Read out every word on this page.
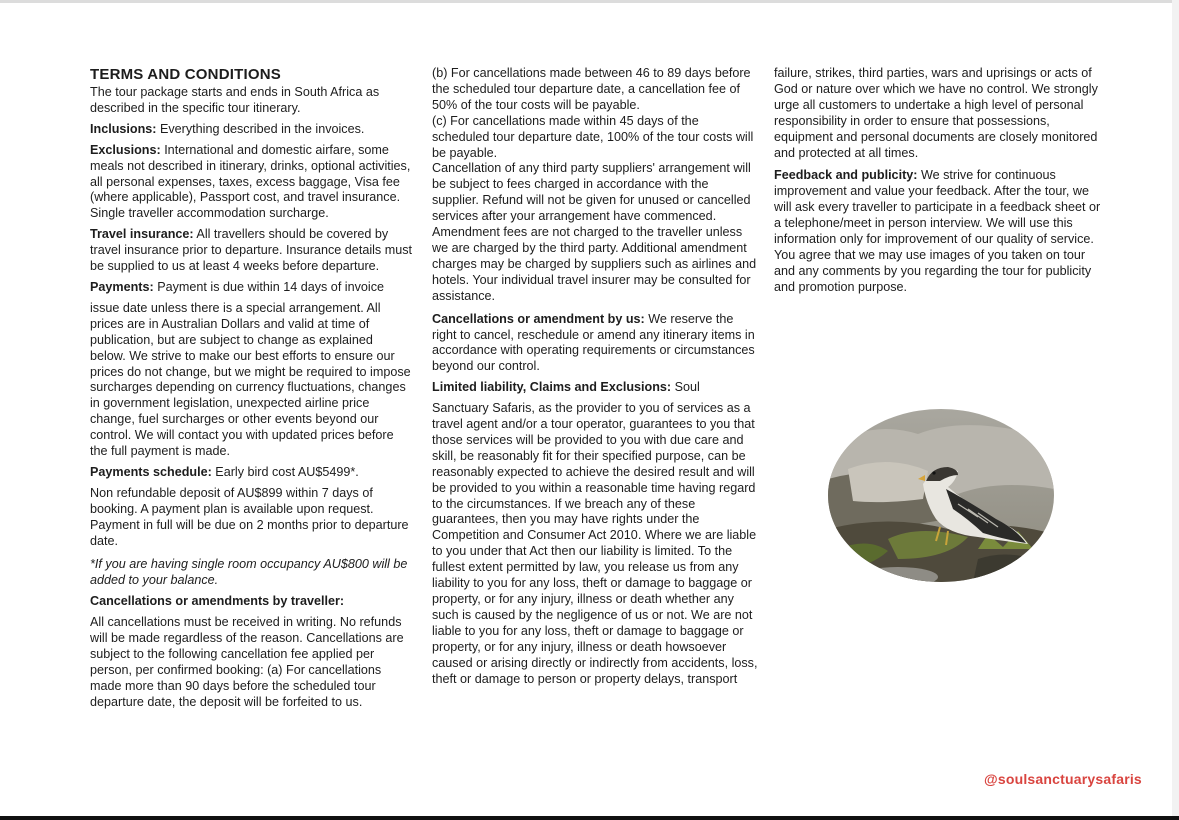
TERMS AND CONDITIONS

The tour package starts and ends in South Africa as described in the specific tour itinerary.

Inclusions: Everything described in the invoices.

Exclusions: International and domestic airfare, some meals not described in itinerary, drinks, optional activities, all personal expenses, taxes, excess baggage, Visa fee (where applicable), Passport cost, and travel insurance. Single traveller accommodation surcharge.

Travel insurance: All travellers should be covered by travel insurance prior to departure. Insurance details must be supplied to us at least 4 weeks before departure.

Payments: Payment is due within 14 days of invoice

issue date unless there is a special arrangement. All prices are in Australian Dollars and valid at time of publication, but are subject to change as explained below. We strive to make our best efforts to ensure our prices do not change, but we might be required to impose surcharges depending on currency fluctuations, changes in government legislation, unexpected airline price change, fuel surcharges or other events beyond our control. We will contact you with updated prices before the full payment is made.

Payments schedule: Early bird cost AU$5499*.

Non refundable deposit of AU$899 within 7 days of booking. A payment plan is available upon request. Payment in full will be due on 2 months prior to departure date.

*If you are having single room occupancy AU$800 will be added to your balance.

Cancellations or amendments by traveller:

All cancellations must be received in writing. No refunds will be made regardless of the reason. Cancellations are subject to the following cancellation fee applied per person, per confirmed booking: (a) For cancellations made more than 90 days before the scheduled tour departure date, the deposit will be forfeited to us.

(b) For cancellations made between 46 to 89 days before the scheduled tour departure date, a cancellation fee of 50% of the tour costs will be payable.

(c) For cancellations made within 45 days of the scheduled tour departure date, 100% of the tour costs will be payable.

Cancellation of any third party suppliers' arrangement will be subject to fees charged in accordance with the supplier. Refund will not be given for unused or cancelled services after your arrangement have commenced. Amendment fees are not charged to the traveller unless we are charged by the third party. Additional amendment charges may be charged by suppliers such as airlines and hotels. Your individual travel insurer may be consulted for assistance.

Cancellations or amendment by us: We reserve the right to cancel, reschedule or amend any itinerary items in accordance with operating requirements or circumstances beyond our control.

Limited liability, Claims and Exclusions: Soul

Sanctuary Safaris, as the provider to you of services as a travel agent and/or a tour operator, guarantees to you that those services will be provided to you with due care and skill, be reasonably fit for their specified purpose, can be reasonably expected to achieve the desired result and will be provided to you within a reasonable time having regard to the circumstances. If we breach any of these guarantees, then you may have rights under the Competition and Consumer Act 2010. Where we are liable to you under that Act then our liability is limited. To the fullest extent permitted by law, you release us from any liability to you for any loss, theft or damage to baggage or property, or for any injury, illness or death whether any such is caused by the negligence of us or not. We are not liable to you for any loss, theft or damage to baggage or property, or for any injury, illness or death howsoever caused or arising directly or indirectly from accidents, loss, theft or damage to person or property delays, transport

failure, strikes, third parties, wars and uprisings or acts of God or nature over which we have no control. We strongly urge all customers to undertake a high level of personal responsibility in order to ensure that possessions, equipment and personal documents are closely monitored and protected at all times.

Feedback and publicity: We strive for continuous improvement and value your feedback. After the tour, we will ask every traveller to participate in a feedback sheet or a telephone/meet in person interview. We will use this information only for improvement of our quality of service. You agree that we may use images of you taken on tour and any comments by you regarding the tour for publicity and promotion purpose.

@soulsanctuarysafaris
